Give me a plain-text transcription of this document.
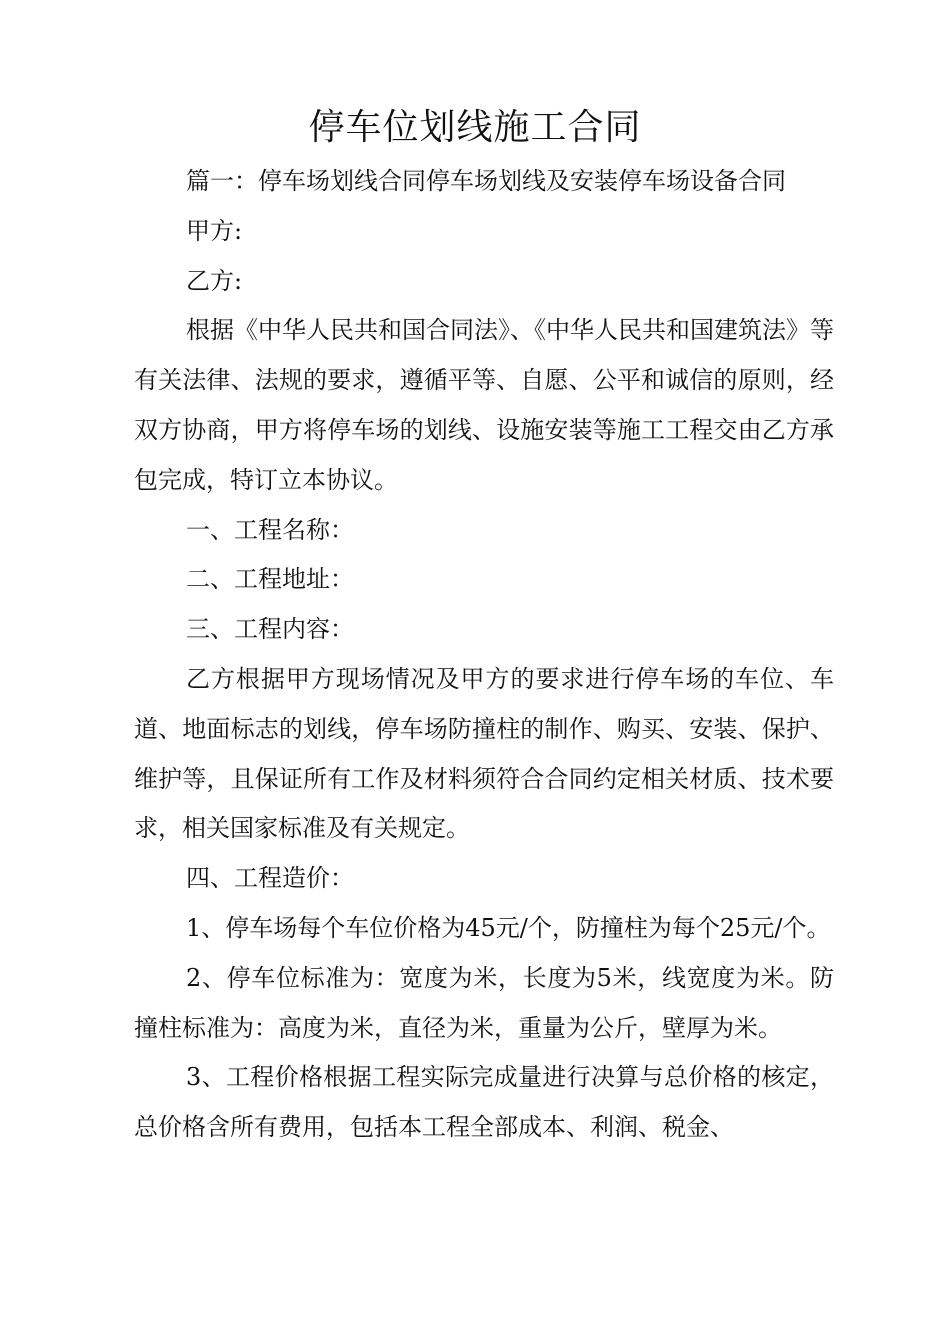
停车位划线施工合同

篇一：停车场划线合同停车场划线及安装停车场设备合同

甲方:

乙方:

根据《中华人民共和国合同法》、《中华人民共和国建筑法》等有关法律、法规的要求，遵循平等、自愿、公平和诚信的原则，经双方协商，甲方将停车场的划线、设施安装等施工工程交由乙方承包完成，特订立本协议。

一、工程名称：

二、工程地址：

三、工程内容：

乙方根据甲方现场情况及甲方的要求进行停车场的车位、车道、地面标志的划线，停车场防撞柱的制作、购买、安装、保护、维护等，且保证所有工作及材料须符合合同约定相关材质、技术要求，相关国家标准及有关规定。

四、工程造价：

1、停车场每个车位价格为45元/个，防撞柱为每个25元/个。

2、停车位标准为：宽度为米，长度为5米，线宽度为米。防撞柱标准为：高度为米，直径为米，重量为公斤，壁厚为米。

3、工程价格根据工程实际完成量进行决算与总价格的核定，总价格含所有费用，包括本工程全部成本、利润、税金、
